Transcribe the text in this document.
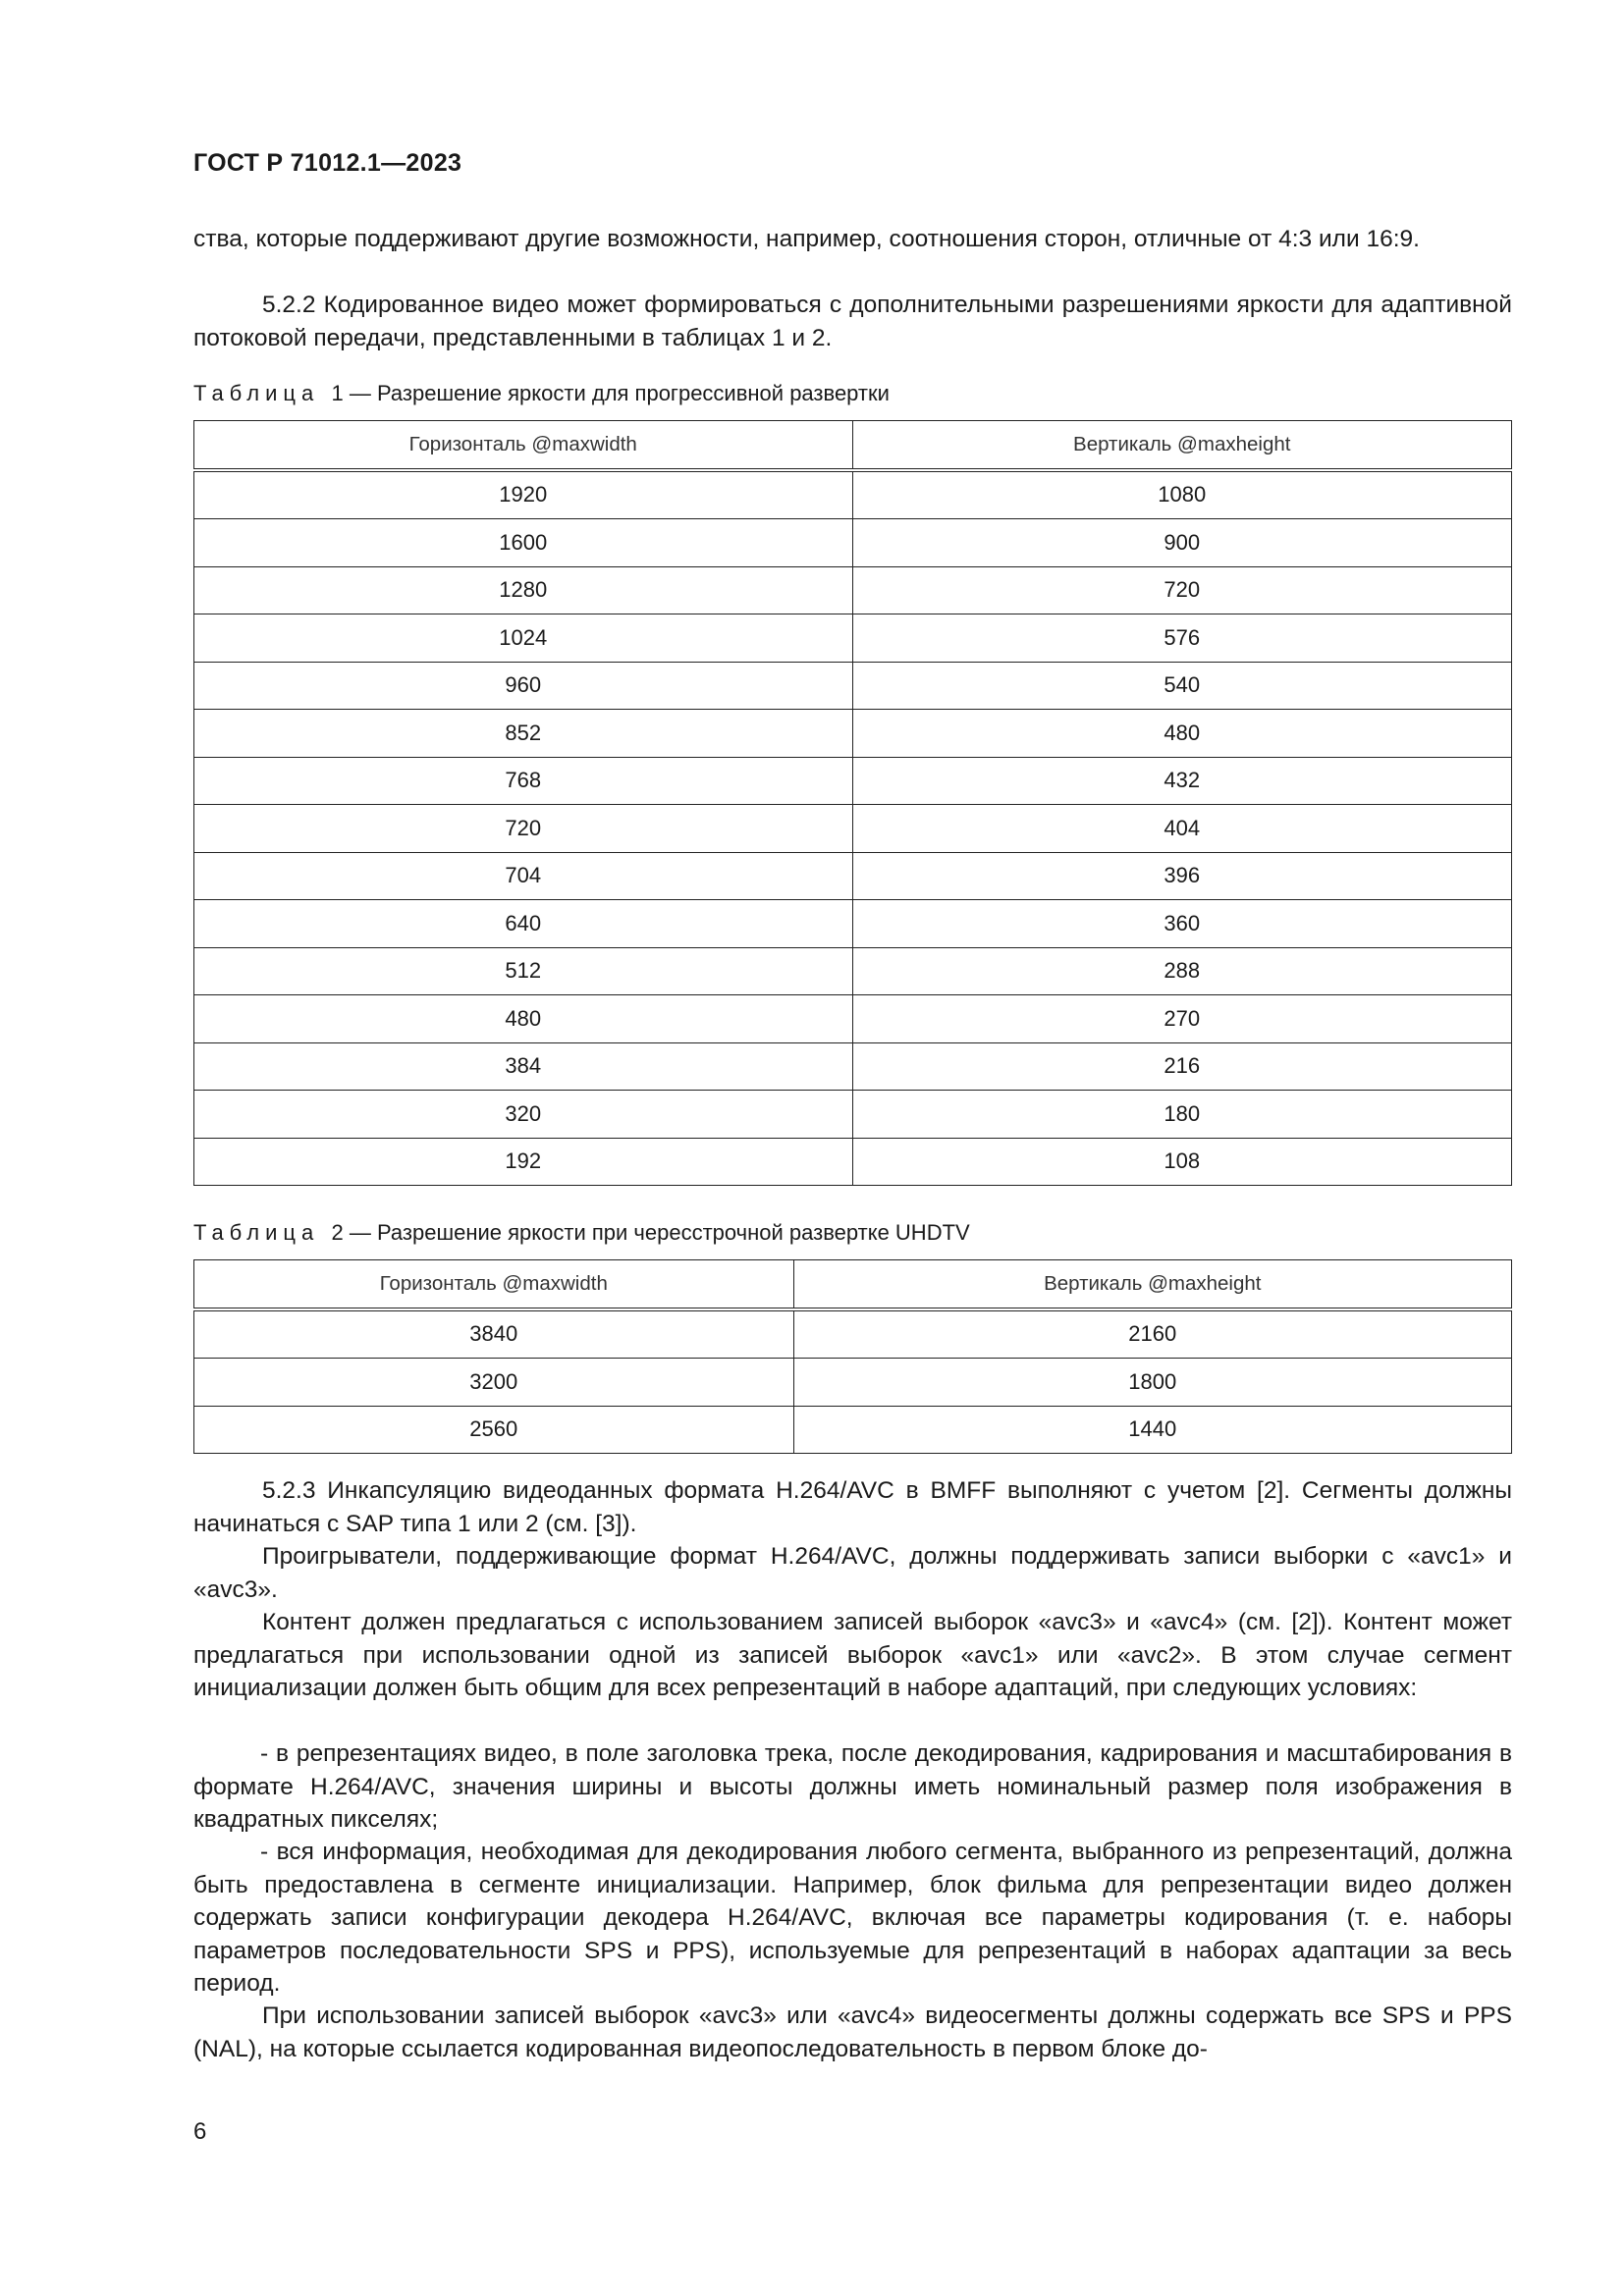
ГОСТ Р 71012.1—2023
ства, которые поддерживают другие возможности, например, соотношения сторон, отличные от 4:3 или 16:9.
5.2.2 Кодированное видео может формироваться с дополнительными разрешениями яркости для адаптивной потоковой передачи, представленными в таблицах 1 и 2.
Таблица 1 — Разрешение яркости для прогрессивной развертки
Горизонталь @maxwidth	Вертикаль @maxheight
1920	1080
1600	900
1280	720
1024	576
960	540
852	480
768	432
720	404
704	396
640	360
512	288
480	270
384	216
320	180
192	108
Таблица 2 — Разрешение яркости при чересстрочной развертке UHDTV
Горизонталь @maxwidth	Вертикаль @maxheight
3840	2160
3200	1800
2560	1440
5.2.3 Инкапсуляцию видеоданных формата H.264/AVC в BMFF выполняют с учетом [2]. Сегменты должны начинаться с SAP типа 1 или 2 (см. [3]).
Проигрыватели, поддерживающие формат H.264/AVC, должны поддерживать записи выборки с «avc1» и «avc3».
Контент должен предлагаться с использованием записей выборок «avc3» и «avc4» (см. [2]). Контент может предлагаться при использовании одной из записей выборок «avc1» или «avc2». В этом случае сегмент инициализации должен быть общим для всех репрезентаций в наборе адаптаций, при следующих условиях:
- в репрезентациях видео, в поле заголовка трека, после декодирования, кадрирования и масштабирования в формате H.264/AVC, значения ширины и высоты должны иметь номинальный размер поля изображения в квадратных пикселях;
- вся информация, необходимая для декодирования любого сегмента, выбранного из репрезентаций, должна быть предоставлена в сегменте инициализации. Например, блок фильма для репрезентации видео должен содержать записи конфигурации декодера H.264/AVC, включая все параметры кодирования (т. е. наборы параметров последовательности SPS и PPS), используемые для репрезентаций в наборах адаптации за весь период.
При использовании записей выборок «avc3» или «avc4» видеосегменты должны содержать все SPS и PPS (NAL), на которые ссылается кодированная видеопоследовательность в первом блоке до-
6
